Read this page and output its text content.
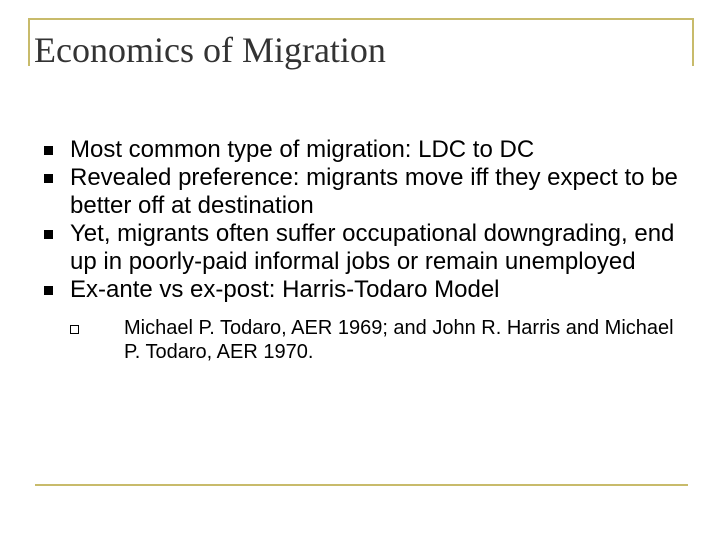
Economics of Migration
Most common type of migration: LDC to DC
Revealed preference: migrants move iff they expect to be better off at destination
Yet, migrants often suffer occupational downgrading, end up in poorly-paid informal jobs or remain unemployed
Ex-ante vs ex-post: Harris-Todaro Model
Michael P. Todaro, AER 1969; and John R. Harris and Michael P. Todaro, AER 1970.
